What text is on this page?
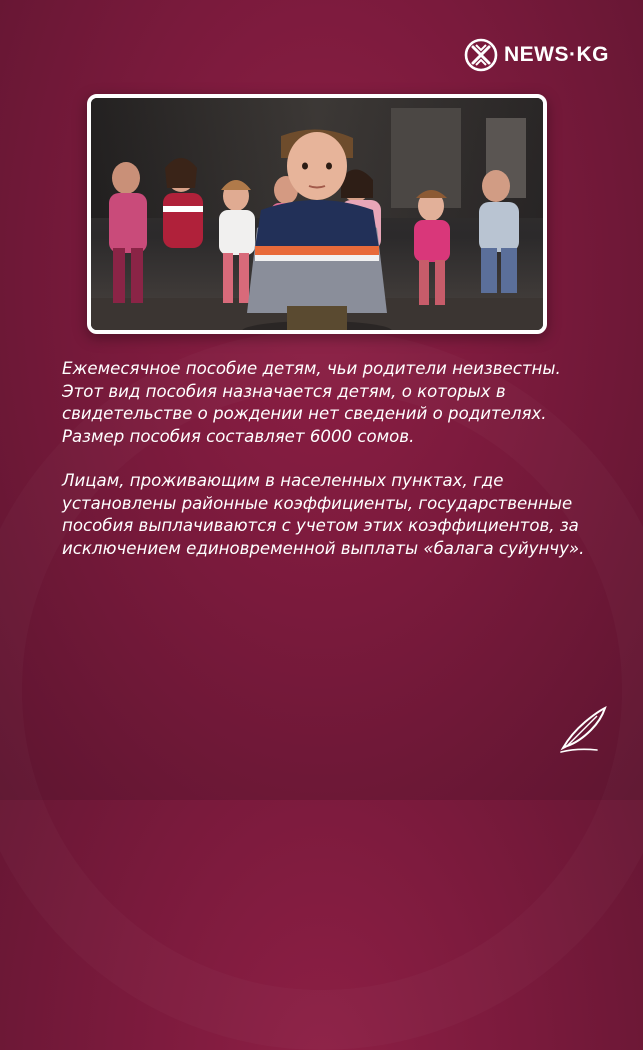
NEWS·KG

Ежемесячное пособие детям, чьи родители неизвестны. Этот вид пособия назначается детям, о которых в свидетельстве о рождении нет сведений о родителях. Размер пособия составляет 6000 сомов.

Лицам, проживающим в населенных пунктах, где установлены районные коэффициенты, государственные пособия выплачиваются с учетом этих коэффициентов, за исключением единовременной выплаты «балага суйунчу».
